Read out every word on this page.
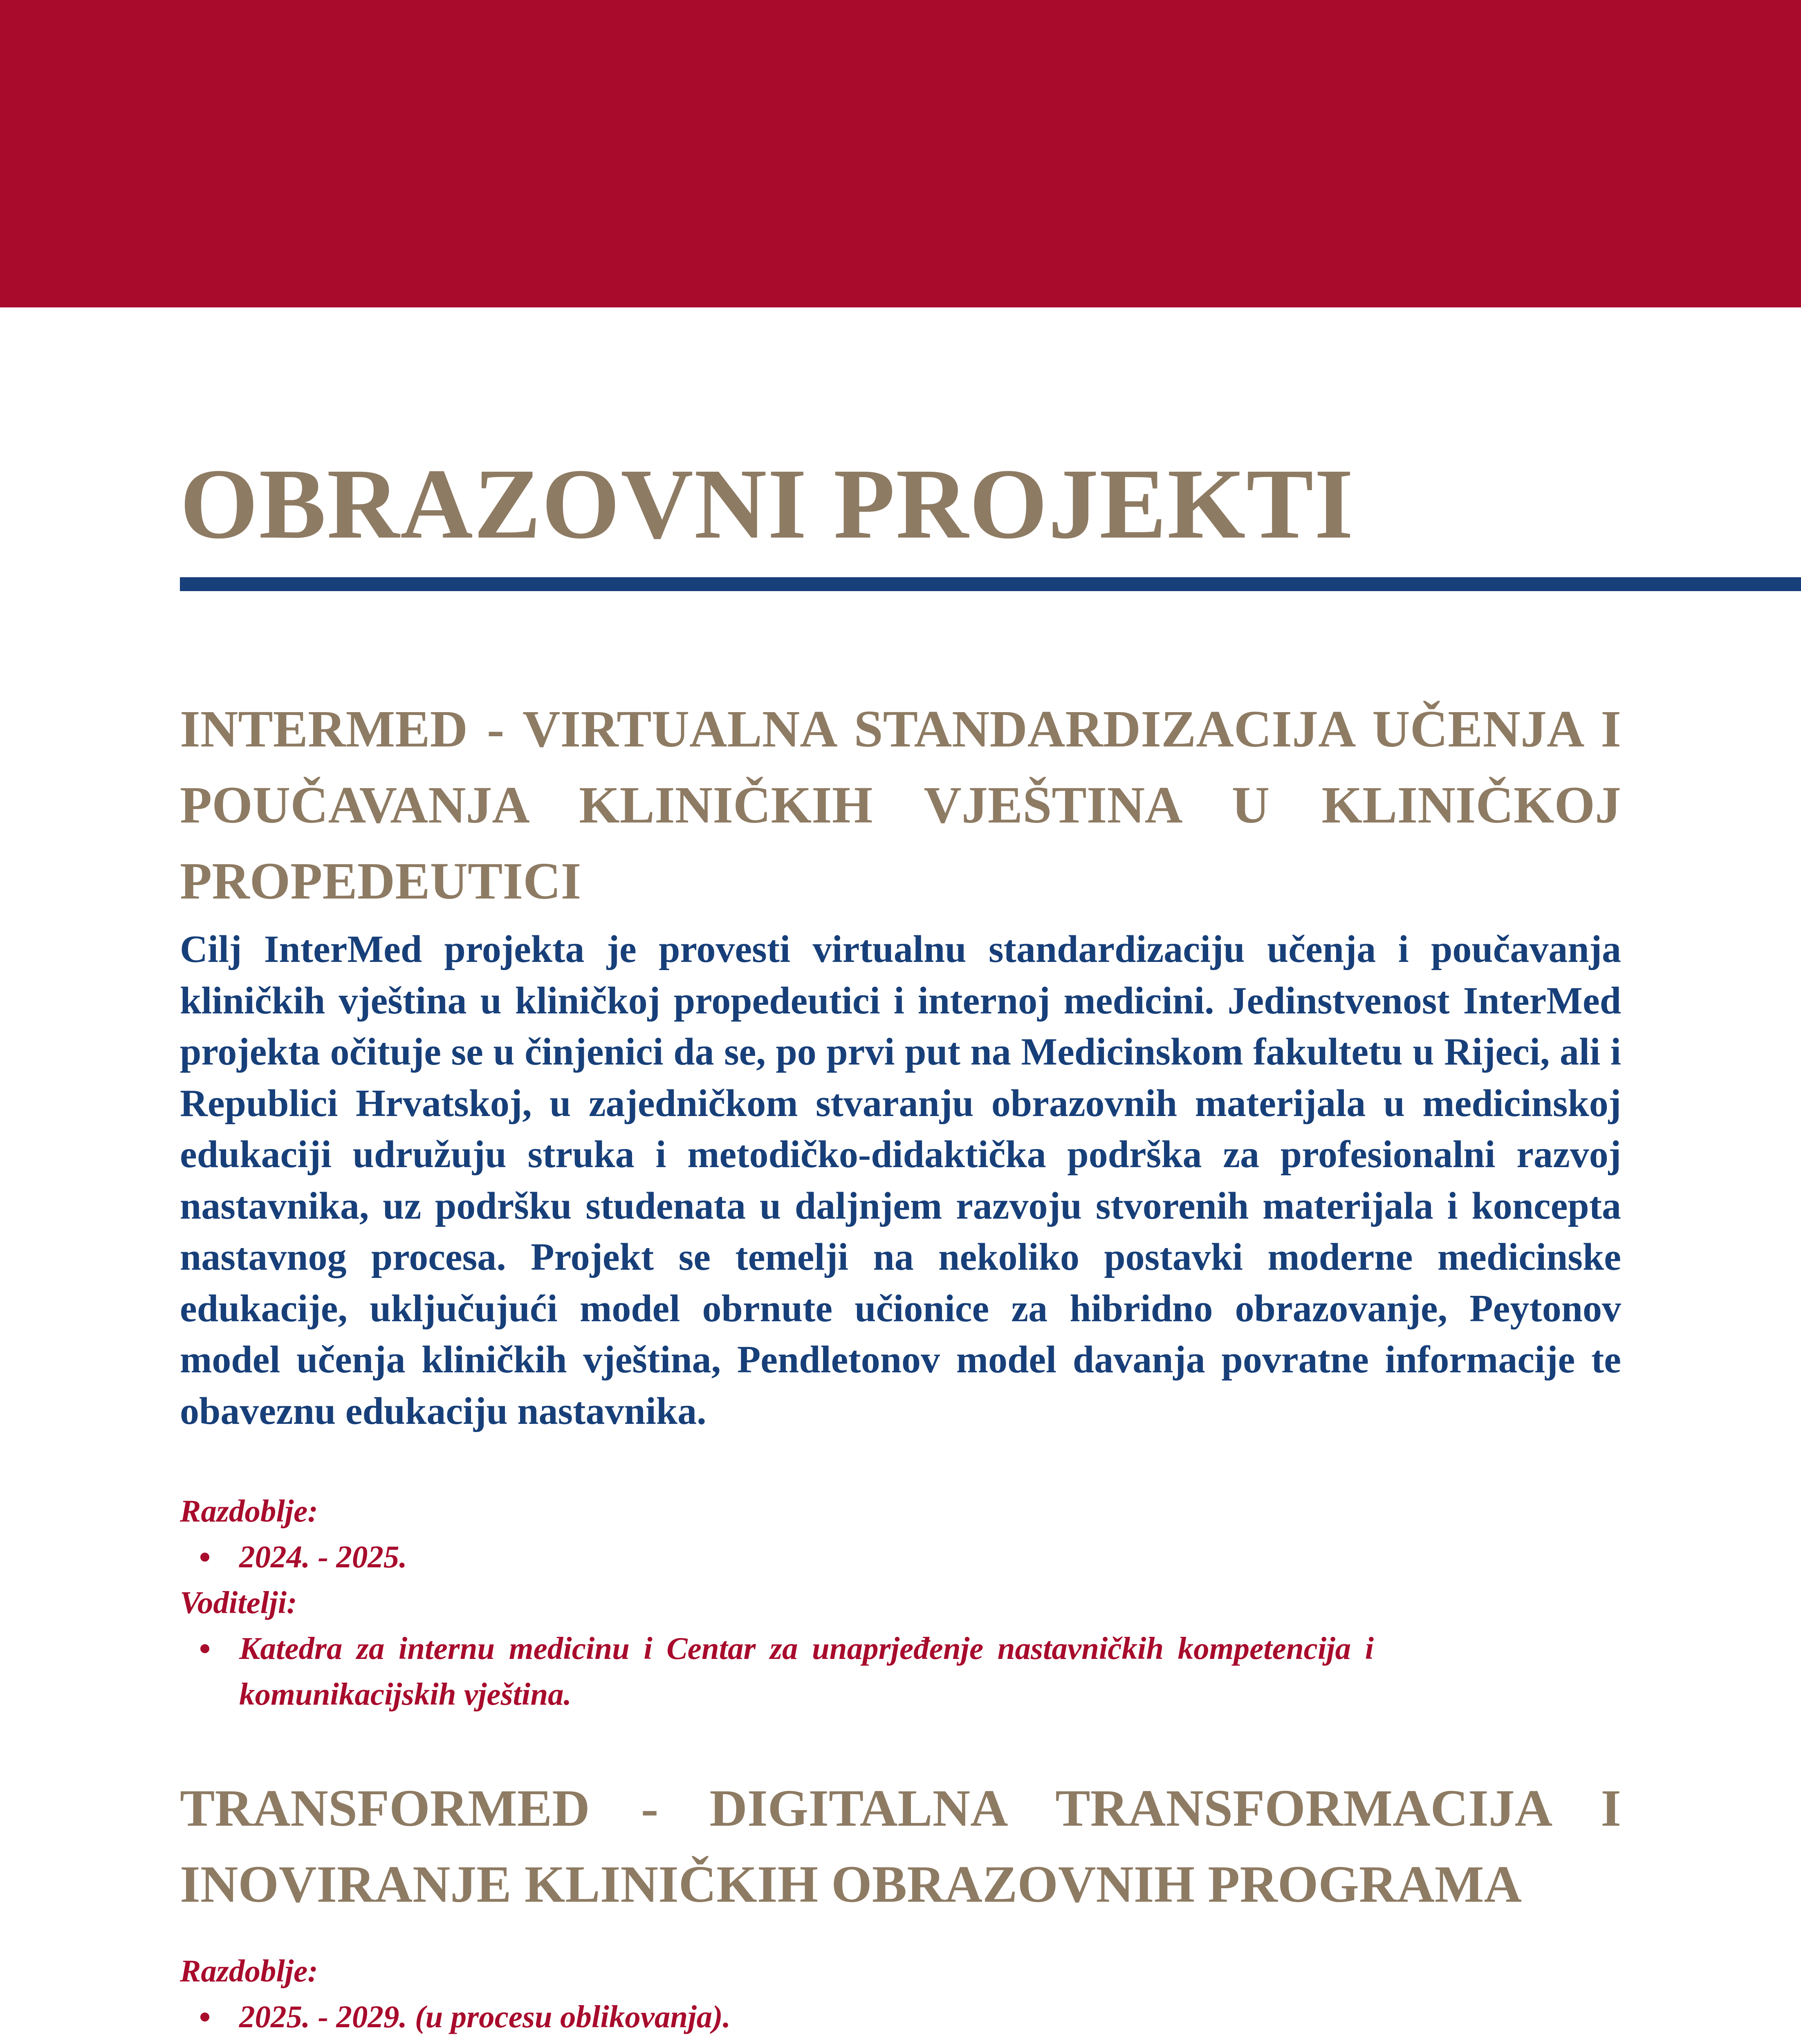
OBRAZOVNI PROJEKTI
INTERMED - VIRTUALNA STANDARDIZACIJA UČENJA I POUČAVANJA KLINIČKIH VJEŠTINA U KLINIČKOJ PROPEDEUTICI

Cilj InterMed projekta je provesti virtualnu standardizaciju učenja i poučavanja kliničkih vještina u kliničkoj propedeutici i internoj medicini. Jedinstvenost InterMed projekta očituje se u činjenici da se, po prvi put na Medicinskom fakultetu u Rijeci, ali i Republici Hrvatskoj, u zajedničkom stvaranju obrazovnih materijala u medicinskoj edukaciji udružuju struka i metodičko-didaktička podrška za profesionalni razvoj nastavnika, uz podršku studenata u daljnjem razvoju stvorenih materijala i koncepta nastavnog procesa. Projekt se temelji na nekoliko postavki moderne medicinske edukacije, uključujući model obrnute učionice za hibridno obrazovanje, Peytonov model učenja kliničkih vještina, Pendletonov model davanja povratne informacije te obaveznu edukaciju nastavnika.

Razdoblje:
2024. - 2025.
Voditelji:
Katedra za internu medicinu i Centar za unaprjeđenje nastavničkih kompetencija i komunikacijskih vještina.
TRANSFORMED - DIGITALNA TRANSFORMACIJA I INOVIRANJE KLINIČKIH OBRAZOVNIH PROGRAMA
Razdoblje:
2025. - 2029. (u procesu oblikovanja).
